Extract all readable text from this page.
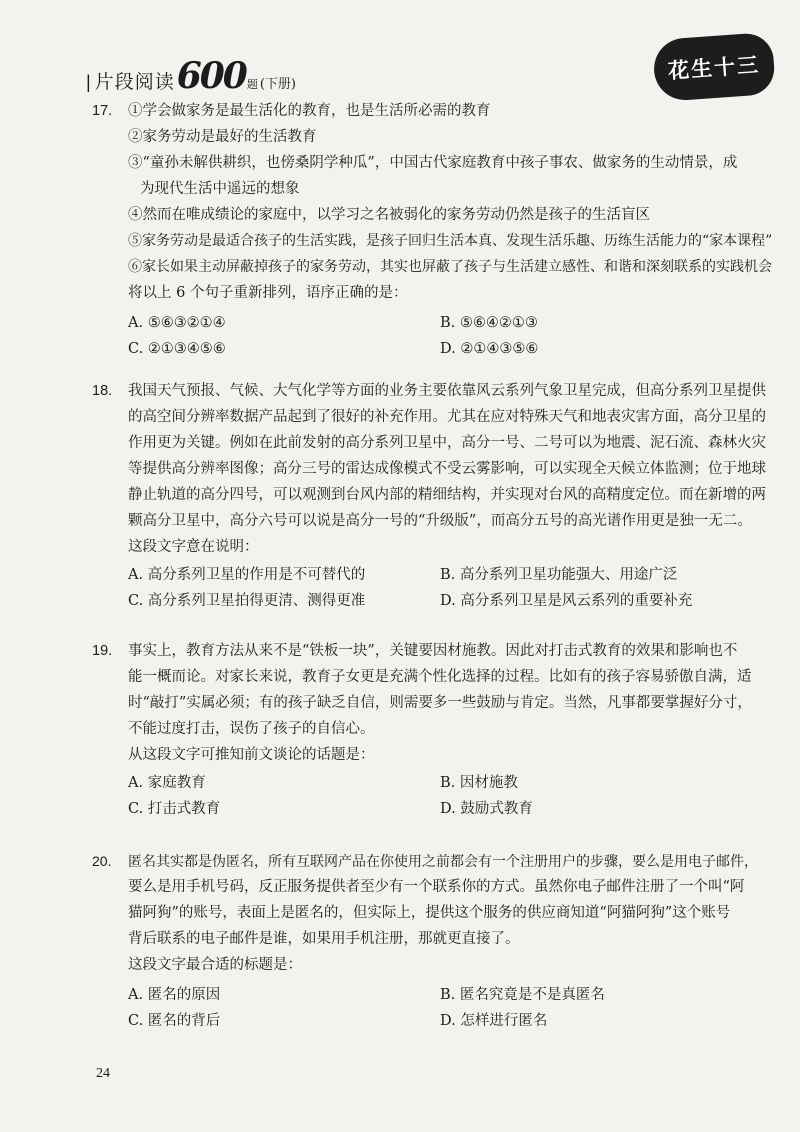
| 片段阅读 600 题 (下册)
花生十三
17. ①学会做家务是最生活化的教育，也是生活所必需的教育
②家务劳动是最好的生活教育
③“童孙未解供耕织，也傍桑阴学种瓜”，中国古代家庭教育中孩子事农、做家务的生动情景，成
为现代生活中遥远的想象
④然而在唯成绩论的家庭中，以学习之名被弱化的家务劳动仍然是孩子的生活盲区
⑤家务劳动是最适合孩子的生活实践，是孩子回归生活本真、发现生活乐趣、历练生活能力的“家本课程”
⑥家长如果主动屏蔽掉孩子的家务劳动，其实也屏蔽了孩子与生活建立感性、和谐和深刻联系的实践机会
将以上 6 个句子重新排列，语序正确的是：
A. ⑤⑥③②①④	B. ⑤⑥④②①③
C. ②①③④⑤⑥	D. ②①④③⑤⑥
18. 我国天气预报、气候、大气化学等方面的业务主要依靠风云系列气象卫星完成，但高分系列卫星提供
的高空间分辨率数据产品起到了很好的补充作用。尤其在应对特殊天气和地表灾害方面，高分卫星的
作用更为关键。例如在此前发射的高分系列卫星中，高分一号、二号可以为地震、泥石流、森林火灾
等提供高分辨率图像；高分三号的雷达成像模式不受云雾影响，可以实现全天候立体监测；位于地球
静止轨道的高分四号，可以观测到台风内部的精细结构，并实现对台风的高精度定位。而在新增的两
颗高分卫星中，高分六号可以说是高分一号的“升级版”，而高分五号的高光谱作用更是独一无二。
这段文字意在说明：
A. 高分系列卫星的作用是不可替代的	B. 高分系列卫星功能强大、用途广泛
C. 高分系列卫星拍得更清、测得更准	D. 高分系列卫星是风云系列的重要补充
19. 事实上，教育方法从来不是“铁板一块”，关键要因材施教。因此对打击式教育的效果和影响也不
能一概而论。对家长来说，教育子女更是充满个性化选择的过程。比如有的孩子容易骄傲自满，适
时“敲打”实属必须；有的孩子缺乏自信，则需要多一些鼓励与肯定。当然，凡事都要掌握好分寸，
不能过度打击，误伤了孩子的自信心。
从这段文字可推知前文谈论的话题是：
A. 家庭教育	B. 因材施教
C. 打击式教育	D. 鼓励式教育
20. 匿名其实都是伪匿名，所有互联网产品在你使用之前都会有一个注册用户的步骤，要么是用电子邮件，
要么是用手机号码，反正服务提供者至少有一个联系你的方式。虽然你电子邮件注册了一个叫“阿
猫阿狗”的账号，表面上是匿名的，但实际上，提供这个服务的供应商知道“阿猫阿狗”这个账号
背后联系的电子邮件是谁，如果用手机注册，那就更直接了。
这段文字最合适的标题是：
A. 匿名的原因	B. 匿名究竟是不是真匿名
C. 匿名的背后	D. 怎样进行匿名
24
